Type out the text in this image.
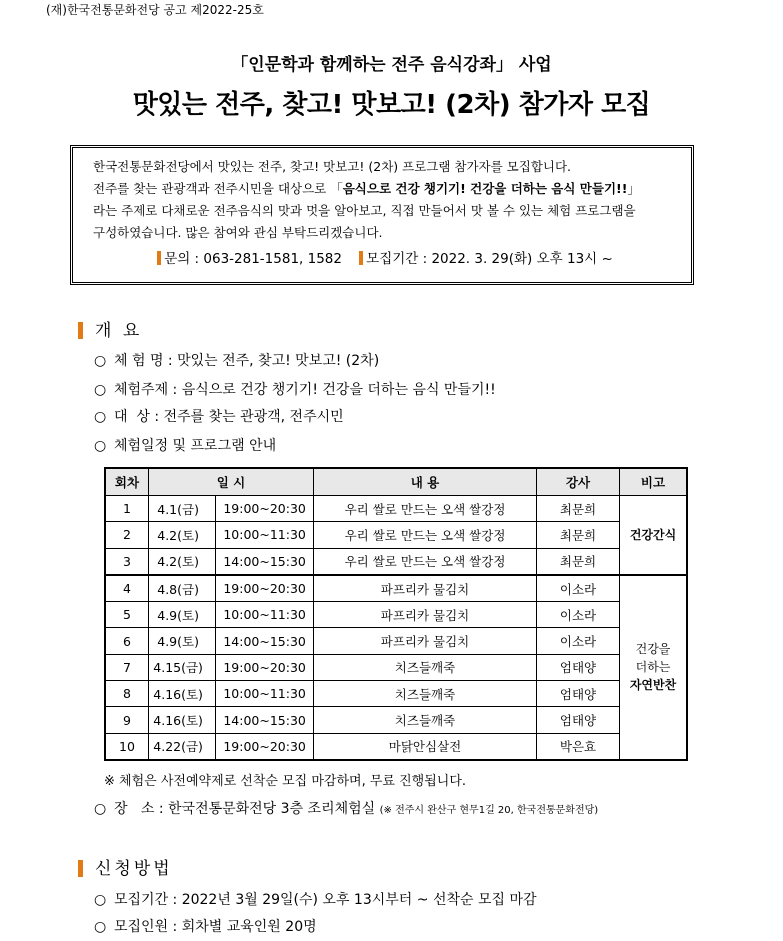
(재)한국전통문화전당 공고 제2022-25호
「인문학과 함께하는 전주 음식강좌」 사업
맛있는 전주, 찾고! 맛보고! (2차) 참가자 모집

한국전통문화전당에서 맛있는 전주, 찾고! 맛보고! (2차) 프로그램 참가자를 모집합니다.

전주를 찾는 관광객과 전주시민을 대상으로 「음식으로 건강 챙기기! 건강을 더하는 음식 만들기!!」

라는 주제로 다채로운 전주음식의 맛과 멋을 알아보고, 직접 만들어서 맛 볼 수 있는 체험 프로그램을

구성하였습니다. 많은 참여와 관심 부탁드리겠습니다.

문의 : 063-281-1581, 1582 모집기간 : 2022. 3. 29(화) 오후 13시 ~
개 요
○ 체 험 명 : 맛있는 전주, 찾고! 맛보고! (2차)
○ 체험주제 : 음식으로 건강 챙기기! 건강을 더하는 음식 만들기!!
○ 대  상 : 전주를 찾는 관광객, 전주시민
○ 체험일정 및 프로그램 안내
회차	일 시			내 용	강사	비고
1	4.1(금)		19:00~20:30	우리 쌀로 만드는 오색 쌀강정	최문희	건강간식
2	4.2(토)		10:00~11:30	우리 쌀로 만드는 오색 쌀강정	최문희	
3	4.2(토)		14:00~15:30	우리 쌀로 만드는 오색 쌀강정	최문희	
4	4.8(금)		19:00~20:30	파프리카 물김치	이소라	건강을
더하는
자연반찬

5	4.9(토)		10:00~11:30	파프리카 물김치	이소라	
6	4.9(토)		14:00~15:30	파프리카 물김치	이소라	
7	4.15(금)		19:00~20:30	치즈들깨죽	엄태양	
8	4.16(토)		10:00~11:30	치즈들깨죽	엄태양	
9	4.16(토)		14:00~15:30	치즈들깨죽	엄태양	
10	4.22(금)		19:00~20:30	마닭안심살전	박은효	
※ 체험은 사전예약제로 선착순 모집 마감하며, 무료 진행됩니다.
○ 장   소 : 한국전통문화전당 3층 조리체험실 (※ 전주시 완산구 현무1길 20, 한국전통문화전당)
신청방법
○ 모집기간 : 2022년 3월 29일(수) 오후 13시부터 ~ 선착순 모집 마감
○ 모집인원 : 회차별 교육인원 20명
